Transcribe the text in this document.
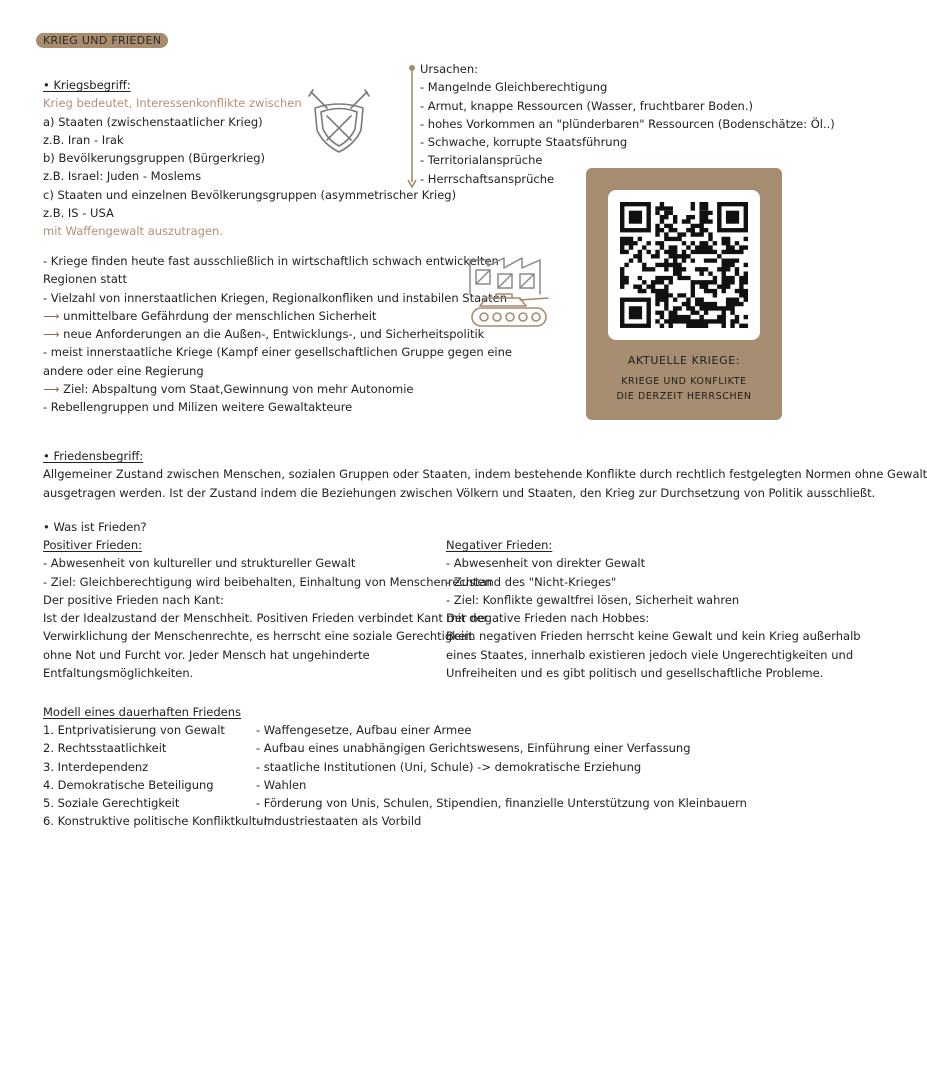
KRIEG UND FRIEDEN
• Kriegsbegriff:
Krieg bedeutet, Interessenkonflikte zwischen
a) Staaten (zwischenstaatlicher Krieg)
z.B. Iran - Irak
b) Bevölkerungsgruppen (Bürgerkrieg)
z.B. Israel: Juden - Moslems
c) Staaten und einzelnen Bevölkerungsgruppen (asymmetrischer Krieg)
z.B. IS - USA
mit Waffengewalt auszutragen.
Ursachen:
- Mangelnde Gleichberechtigung
- Armut, knappe Ressourcen (Wasser, fruchtbarer Boden.)
- hohes Vorkommen an "plünderbaren" Ressourcen (Bodenschätze: Öl..)
- Schwache, korrupte Staatsführung
- Territorialansprüche
- Herrschaftsansprüche
- Kriege finden heute fast ausschließlich in wirtschaftlich schwach entwickelten
Regionen statt
- Vielzahl von innerstaatlichen Kriegen, Regionalkonfliken und instabilen Staaten
⟶ unmittelbare Gefährdung der menschlichen Sicherheit
⟶ neue Anforderungen an die Außen-, Entwicklungs-, und Sicherheitspolitik
- meist innerstaatliche Kriege (Kampf einer gesellschaftlichen Gruppe gegen eine
andere oder eine Regierung
⟶ Ziel: Abspaltung vom Staat,Gewinnung von mehr Autonomie
- Rebellengruppen und Milizen weitere Gewaltakteure
AKTUELLE KRIEGE:
KRIEGE UND KONFLIKTE
DIE DERZEIT HERRSCHEN
• Friedensbegriff:
Allgemeiner Zustand zwischen Menschen, sozialen Gruppen oder Staaten, indem bestehende Konflikte durch rechtlich festgelegten Normen ohne Gewalt
ausgetragen werden. Ist der Zustand indem die Beziehungen zwischen Völkern und Staaten, den Krieg zur Durchsetzung von Politik ausschließt.
• Was ist Frieden?
Positiver Frieden:
- Abwesenheit von kultureller und struktureller Gewalt
- Ziel: Gleichberechtigung wird beibehalten, Einhaltung von Menschenrechten
Der positive Frieden nach Kant:
Ist der Idealzustand der Menschheit. Positiven Frieden verbindet Kant mit der
Verwirklichung der Menschenrechte, es herrscht eine soziale Gerechtigkeit
ohne Not und Furcht vor. Jeder Mensch hat ungehinderte
Entfaltungsmöglichkeiten.
Negativer Frieden:
- Abwesenheit von direkter Gewalt
- Zustand des "Nicht-Krieges"
- Ziel: Konflikte gewaltfrei lösen, Sicherheit wahren
Der negative Frieden nach Hobbes:
Beim negativen Frieden herrscht keine Gewalt und kein Krieg außerhalb
eines Staates, innerhalb existieren jedoch viele Ungerechtigkeiten und
Unfreiheiten und es gibt politisch und gesellschaftliche Probleme.
Modell eines dauerhaften Friedens
1. Entprivatisierung von Gewalt
2. Rechtsstaatlichkeit
3. Interdependenz
4. Demokratische Beteiligung
5. Soziale Gerechtigkeit
6. Konstruktive politische Konfliktkultur
- Waffengesetze, Aufbau einer Armee
- Aufbau eines unabhängigen Gerichtswesens, Einführung einer Verfassung
- staatliche Institutionen (Uni, Schule) -> demokratische Erziehung
- Wahlen
- Förderung von Unis, Schulen, Stipendien, finanzielle Unterstützung von Kleinbauern
- Industriestaaten als Vorbild
